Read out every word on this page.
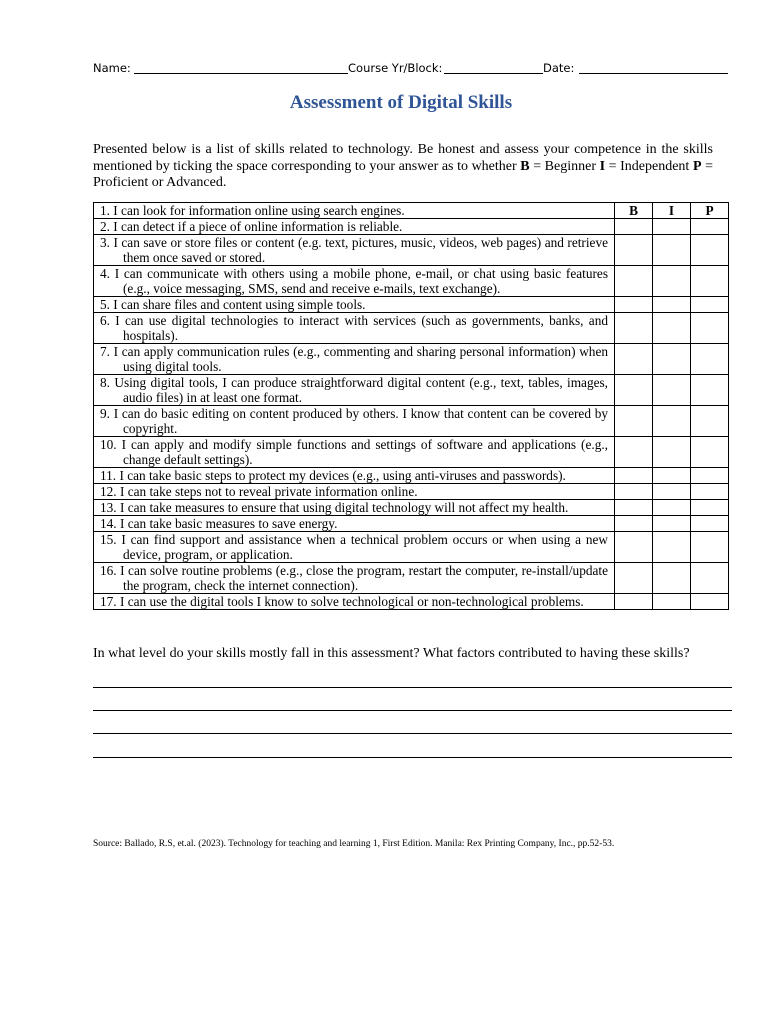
Name:	Course Yr/Block:	Date:
Assessment of Digital Skills
Presented below is a list of skills related to technology. Be honest and assess your competence in the skills mentioned by ticking the space corresponding to your answer as to whether B = Beginner I = Independent P = Proficient or Advanced.
1. I can look for information online using search engines.	B	I	P

2. I can detect if a piece of online information is reliable.			

3. I can save or store files or content (e.g. text, pictures, music, videos, web pages) and retrieve them once saved or stored.			

4. I can communicate with others using a mobile phone, e-mail, or chat using basic features (e.g., voice messaging, SMS, send and receive e-mails, text exchange).			

5. I can share files and content using simple tools.			

6. I can use digital technologies to interact with services (such as governments, banks, and hospitals).			

7. I can apply communication rules (e.g., commenting and sharing personal information) when using digital tools.			

8. Using digital tools, I can produce straightforward digital content (e.g., text, tables, images, audio files) in at least one format.			

9. I can do basic editing on content produced by others. I know that content can be covered by copyright.			

10. I can apply and modify simple functions and settings of software and applications (e.g., change default settings).			

11. I can take basic steps to protect my devices (e.g., using anti-viruses and passwords).			

12. I can take steps not to reveal private information online.			

13. I can take measures to ensure that using digital technology will not affect my health.			

14. I can take basic measures to save energy.			

15. I can find support and assistance when a technical problem occurs or when using a new device, program, or application.			

16. I can solve routine problems (e.g., close the program, restart the computer, re-install/update the program, check the internet connection).			

17. I can use the digital tools I know to solve technological or non-technological problems.			

In what level do your skills mostly fall in this assessment? What factors contributed to having these skills?
Source: Ballado, R.S, et.al. (2023). Technology for teaching and learning 1, First Edition. Manila: Rex Printing Company, Inc., pp.52-53.
